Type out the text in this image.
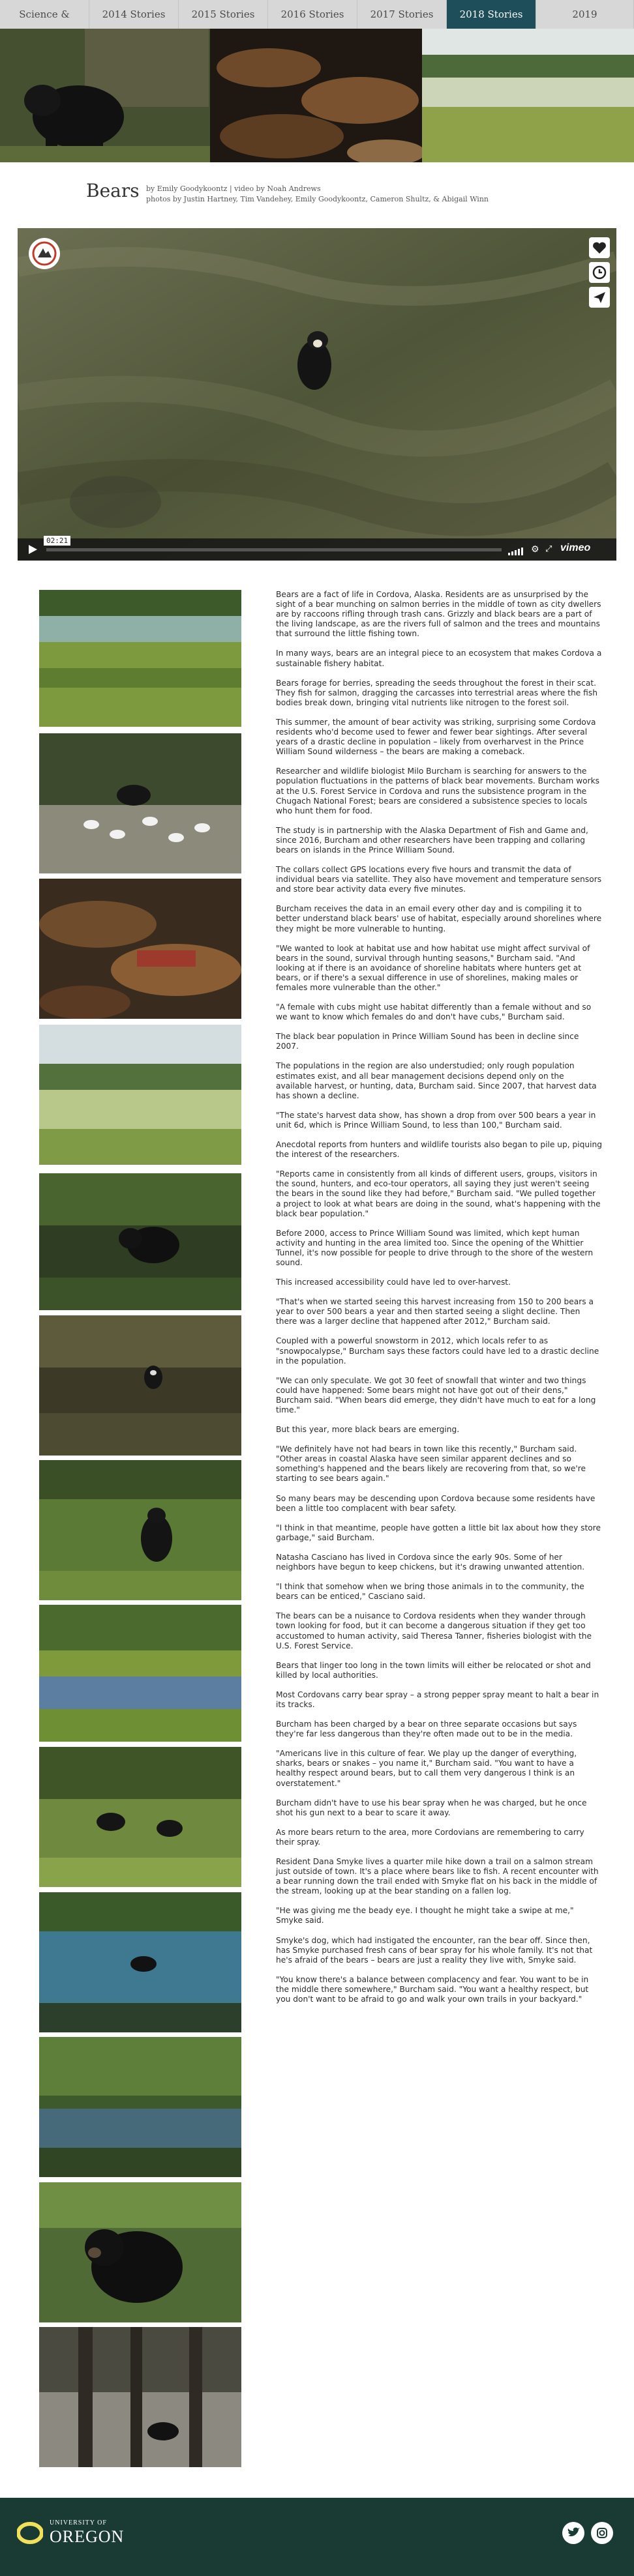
Science &	2014 Stories	2015 Stories	2016 Stories	2017 Stories	2018 Stories	2019
Bears by Emily Goodykoontz | video by Noah Andrews
photos by Justin Hartney, Tim Vandehey, Emily Goodykoontz, Cameron Shultz, & Abigail Winn
02:21
⚙ ⤢ vimeo

Bears are a fact of life in Cordova, Alaska. Residents are as unsurprised by the sight of a bear munching on salmon berries in the middle of town as city dwellers are by raccoons rifling through trash cans. Grizzly and black bears are a part of the living landscape, as are the rivers full of salmon and the trees and mountains that surround the little fishing town.

In many ways, bears are an integral piece to an ecosystem that makes Cordova a sustainable fishery habitat.

Bears forage for berries, spreading the seeds throughout the forest in their scat. They fish for salmon, dragging the carcasses into terrestrial areas where the fish bodies break down, bringing vital nutrients like nitrogen to the forest soil.

This summer, the amount of bear activity was striking, surprising some Cordova residents who'd become used to fewer and fewer bear sightings. After several years of a drastic decline in population – likely from overharvest in the Prince William Sound wilderness – the bears are making a comeback.

Researcher and wildlife biologist Milo Burcham is searching for answers to the population fluctuations in the patterns of black bear movements. Burcham works at the U.S. Forest Service in Cordova and runs the subsistence program in the Chugach National Forest; bears are considered a subsistence species to locals who hunt them for food.

The study is in partnership with the Alaska Department of Fish and Game and, since 2016, Burcham and other researchers have been trapping and collaring bears on islands in the Prince William Sound.

The collars collect GPS locations every five hours and transmit the data of individual bears via satellite. They also have movement and temperature sensors and store bear activity data every five minutes.

Burcham receives the data in an email every other day and is compiling it to better understand black bears' use of habitat, especially around shorelines where they might be more vulnerable to hunting.

"We wanted to look at habitat use and how habitat use might affect survival of bears in the sound, survival through hunting seasons," Burcham said. "And looking at if there is an avoidance of shoreline habitats where hunters get at bears, or if there's a sexual difference in use of shorelines, making males or females more vulnerable than the other."

"A female with cubs might use habitat differently than a female without and so we want to know which females do and don't have cubs," Burcham said.

The black bear population in Prince William Sound has been in decline since 2007.

The populations in the region are also understudied; only rough population estimates exist, and all bear management decisions depend only on the available harvest, or hunting, data, Burcham said. Since 2007, that harvest data has shown a decline.

"The state's harvest data show, has shown a drop from over 500 bears a year in unit 6d, which is Prince William Sound, to less than 100," Burcham said.

Anecdotal reports from hunters and wildlife tourists also began to pile up, piquing the interest of the researchers.

"Reports came in consistently from all kinds of different users, groups, visitors in the sound, hunters, and eco-tour operators, all saying they just weren't seeing the bears in the sound like they had before," Burcham said. "We pulled together a project to look at what bears are doing in the sound, what's happening with the black bear population."

Before 2000, access to Prince William Sound was limited, which kept human activity and hunting in the area limited too. Since the opening of the Whittier Tunnel, it's now possible for people to drive through to the shore of the western sound.

This increased accessibility could have led to over-harvest.

"That's when we started seeing this harvest increasing from 150 to 200 bears a year to over 500 bears a year and then started seeing a slight decline. Then there was a larger decline that happened after 2012," Burcham said.

Coupled with a powerful snowstorm in 2012, which locals refer to as "snowpocalypse," Burcham says these factors could have led to a drastic decline in the population.

"We can only speculate. We got 30 feet of snowfall that winter and two things could have happened: Some bears might not have got out of their dens," Burcham said. "When bears did emerge, they didn't have much to eat for a long time."

But this year, more black bears are emerging.

"We definitely have not had bears in town like this recently," Burcham said. "Other areas in coastal Alaska have seen similar apparent declines and so something's happened and the bears likely are recovering from that, so we're starting to see bears again."

So many bears may be descending upon Cordova because some residents have been a little too complacent with bear safety.

"I think in that meantime, people have gotten a little bit lax about how they store garbage," said Burcham.

Natasha Casciano has lived in Cordova since the early 90s. Some of her neighbors have begun to keep chickens, but it's drawing unwanted attention.

"I think that somehow when we bring those animals in to the community, the bears can be enticed," Casciano said.

The bears can be a nuisance to Cordova residents when they wander through town looking for food, but it can become a dangerous situation if they get too accustomed to human activity, said Theresa Tanner, fisheries biologist with the U.S. Forest Service.

Bears that linger too long in the town limits will either be relocated or shot and killed by local authorities.

Most Cordovans carry bear spray – a strong pepper spray meant to halt a bear in its tracks.

Burcham has been charged by a bear on three separate occasions but says they're far less dangerous than they're often made out to be in the media.

"Americans live in this culture of fear. We play up the danger of everything, sharks, bears or snakes – you name it," Burcham said. "You want to have a healthy respect around bears, but to call them very dangerous I think is an overstatement."

Burcham didn't have to use his bear spray when he was charged, but he once shot his gun next to a bear to scare it away.

As more bears return to the area, more Cordovians are remembering to carry their spray.

Resident Dana Smyke lives a quarter mile hike down a trail on a salmon stream just outside of town. It's a place where bears like to fish. A recent encounter with a bear running down the trail ended with Smyke flat on his back in the middle of the stream, looking up at the bear standing on a fallen log.

"He was giving me the beady eye. I thought he might take a swipe at me," Smyke said.

Smyke's dog, which had instigated the encounter, ran the bear off. Since then, has Smyke purchased fresh cans of bear spray for his whole family. It's not that he's afraid of the bears – bears are just a reality they live with, Smyke said.

"You know there's a balance between complacency and fear. You want to be in the middle there somewhere," Burcham said. "You want a healthy respect, but you don't want to be afraid to go and walk your own trails in your backyard."

UNIVERSITY OF
OREGON
